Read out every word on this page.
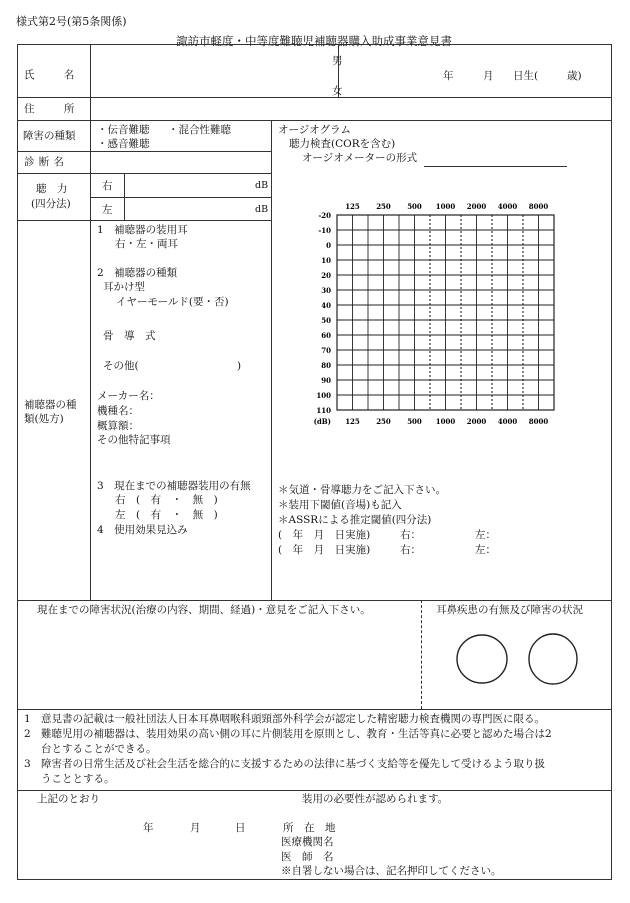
様式第2号(第5条関係)
諏訪市軽度・中等度難聴児補聴器購入助成事業意見書
氏　名
男
女
年	月 日生(	歳)
住　所
障害の種類 ・伝音難聴 ・混合性難聴
・感音難聴
診断名
聴　力
(四分法)
右	dB
左	dB
補聴器の種
類(処方)
1　補聴器の装用耳
右・左・両耳
2　補聴器の種類
耳かけ型
イヤーモールド(要・否)
骨　導　式
その他(	)
メーカー名：
機種名：
概算額：
その他特記事項
3　現在までの補聴器装用の有無
右　(　有　・　無　)
左　(　有　・　無　)
4　使用効果見込み
オージオグラム
聴力検査(CORを含む)
オージオメーターの形式
125
125
250
250
500
500
1000
1000
2000
2000
4000
4000
8000
8000
-20
-10
0
10
20
30
40
50
60
70
80
90
100
110
(dB)
＊気道・骨導聴力をご記入下さい。
＊装用下閾値(音場)も記入
＊ASSRによる推定閾値(四分法)
(　年　月　日実施)	右：	左：
(　年　月　日実施)	右：	左：
現在までの障害状況(治療の内容、期間、経過)・意見をご記入下さい。	耳鼻疾患の有無及び障害の状況
1 意見書の記載は一般社団法人日本耳鼻咽喉科頭頸部外科学会が認定した精密聴力検査機関の専門医に限る。
2 難聴児用の補聴器は、装用効果の高い側の耳に片側装用を原則とし、教育・生活等真に必要と認めた場合は2
台とすることができる。
3 障害者の日常生活及び社会生活を総合的に支援するための法律に基づく支給等を優先して受けるよう取り扱
うこととする。
上記のとおり	装用の必要性が認められます。
年	月	日	所　在　地
医療機関名
医　師　名
※自署しない場合は、記名押印してください。
